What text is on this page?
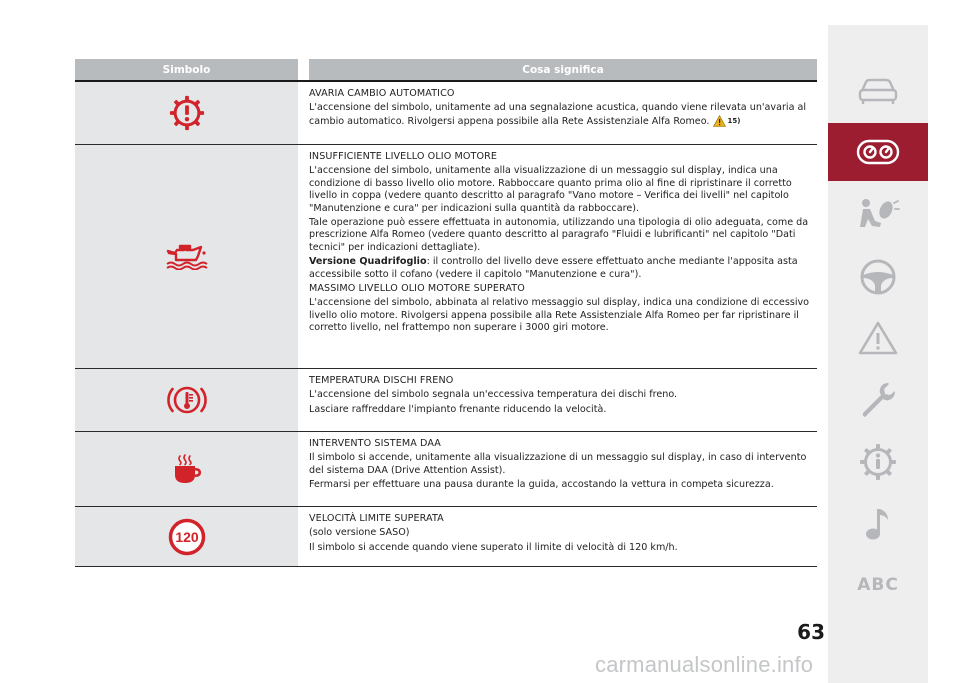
Simbolo	Cosa significa

AVARIA CAMBIO AUTOMATICO

L'accensione del simbolo, unitamente ad una segnalazione acustica, quando viene rilevata un'avaria al cambio automatico. Rivolgersi appena possibile alla Rete Assistenziale Alfa Romeo.	15)

INSUFFICIENTE LIVELLO OLIO MOTORE

L'accensione del simbolo, unitamente alla visualizzazione di un messaggio sul display, indica una condizione di basso livello olio motore. Rabboccare quanto prima olio al fine di ripristinare il corretto livello in coppa (vedere quanto descritto al paragrafo "Vano motore – Verifica dei livelli" nel capitolo "Manutenzione e cura" per indicazioni sulla quantità da rabboccare).

Tale operazione può essere effettuata in autonomia, utilizzando una tipologia di olio adeguata, come da prescrizione Alfa Romeo (vedere quanto descritto al paragrafo "Fluidi e lubrificanti" nel capitolo "Dati tecnici" per indicazioni dettagliate).

Versione Quadrifoglio: il controllo del livello deve essere effettuato anche mediante l'apposita asta accessibile sotto il cofano (vedere il capitolo "Manutenzione e cura").

MASSIMO LIVELLO OLIO MOTORE SUPERATO

L'accensione del simbolo, abbinata al relativo messaggio sul display, indica una condizione di eccessivo livello olio motore. Rivolgersi appena possibile alla Rete Assistenziale Alfa Romeo per far ripristinare il corretto livello, nel frattempo non superare i 3000 giri motore.

TEMPERATURA DISCHI FRENO

L'accensione del simbolo segnala un'eccessiva temperatura dei dischi freno.

Lasciare raffreddare l'impianto frenante riducendo la velocità.

INTERVENTO SISTEMA DAA

Il simbolo si accende, unitamente alla visualizzazione di un messaggio sul display, in caso di intervento del sistema DAA (Drive Attention Assist).

Fermarsi per effettuare una pausa durante la guida, accostando la vettura in competa sicurezza.

120

VELOCITÀ LIMITE SUPERATA

(solo versione SASO)

Il simbolo si accende quando viene superato il limite di velocità di 120 km/h.

ABC
63
carmanualsonline.info
